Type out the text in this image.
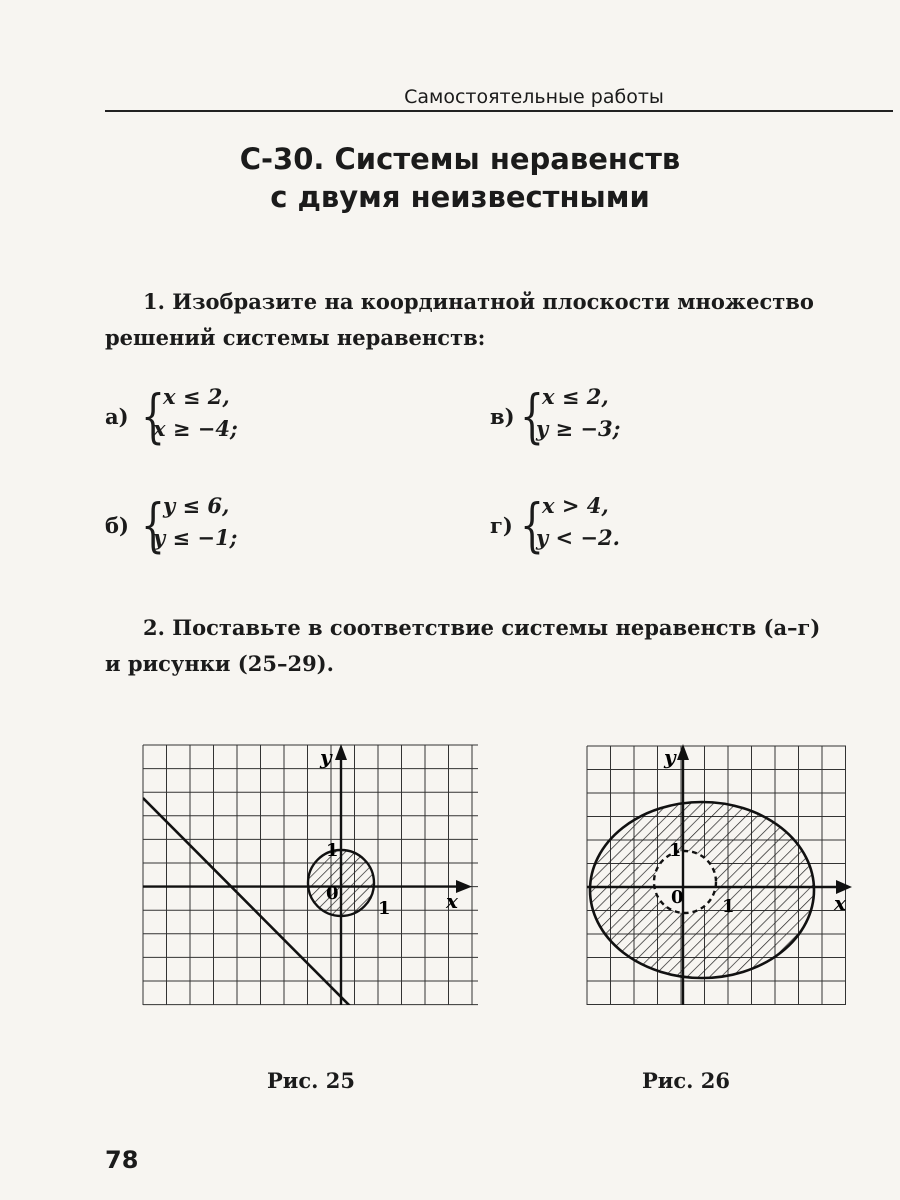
Самостоятельные работы
С-30. Системы неравенств
с двумя неизвестными
1. Изобразите на координатной плоскости множество
решений системы неравенств:
а) {
x ≤ 2,
x ≥ −4;	в) {
x ≤ 2,
y ≥ −3;
б) {
y ≤ 6,
y ≤ −1;	г) {
x > 4,
y < −2.
2. Поставьте в соответствие системы неравенств (а–г)
и рисунки (25–29).
y
x
0
1
1
Рис. 25
y
x
0 1
1
Рис. 26
78
